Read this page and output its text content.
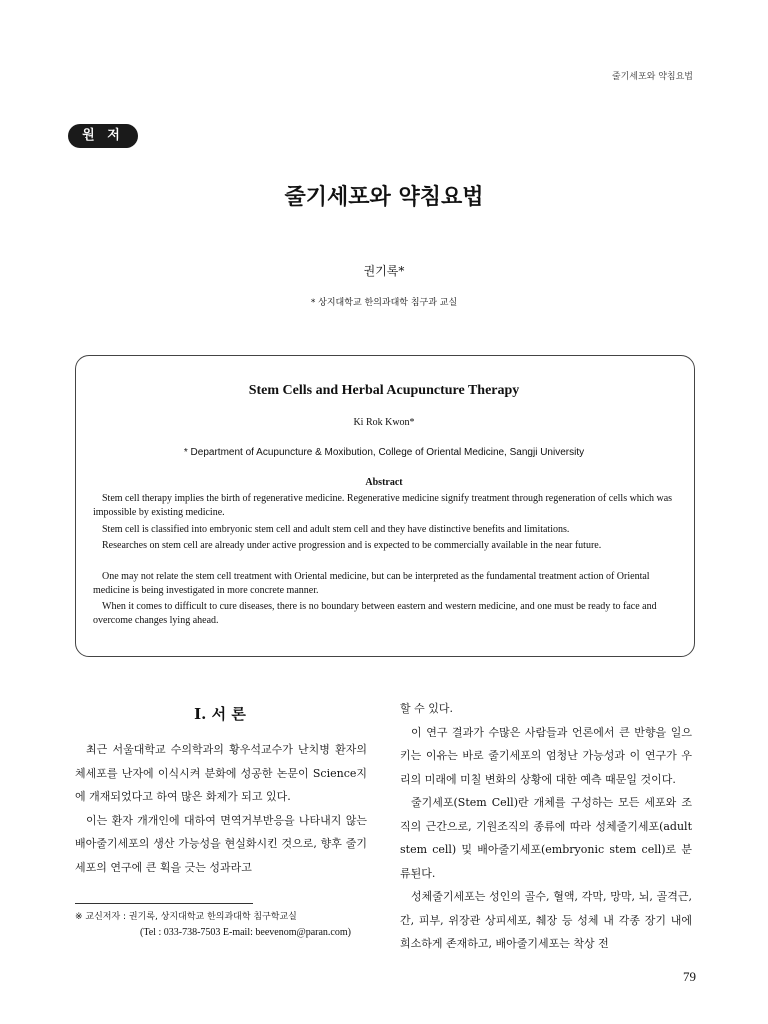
줄기세포와 약침요법
원 저
줄기세포와 약침요법
권기록*
* 상지대학교 한의과대학 침구과 교실
Stem Cells and Herbal Acupuncture Therapy
Ki Rok Kwon*
* Department of Acupuncture & Moxibution, College of Oriental Medicine, Sangji University
Abstract

Stem cell therapy implies the birth of regenerative medicine. Regenerative medicine signify treatment through regeneration of cells which was impossible by existing medicine.

Stem cell is classified into embryonic stem cell and adult stem cell and they have distinctive benefits and limitations.

Researches on stem cell are already under active progression and is expected to be commercially available in the near future.

One may not relate the stem cell treatment with Oriental medicine, but can be interpreted as the fundamental treatment action of Oriental medicine is being investigated in more concrete manner.

When it comes to difficult to cure diseases, there is no boundary between eastern and western medicine, and one must be ready to face and overcome changes lying ahead.

Ⅰ. 서 론

최근 서울대학교 수의학과의 황우석교수가 난치병 환자의 체세포를 난자에 이식시켜 분화에 성공한 논문이 Science지에 개재되었다고 하여 많은 화제가 되고 있다.

이는 환자 개개인에 대하여 면역거부반응을 나타내지 않는 배아줄기세포의 생산 가능성을 현실화시킨 것으로, 향후 줄기세포의 연구에 큰 획을 긋는 성과라고

할 수 있다.

이 연구 결과가 수많은 사람들과 언론에서 큰 반향을 일으키는 이유는 바로 줄기세포의 엄청난 가능성과 이 연구가 우리의 미래에 미칠 변화의 상황에 대한 예측 때문일 것이다.

줄기세포(Stem Cell)란 개체를 구성하는 모든 세포와 조직의 근간으로, 기원조직의 종류에 따라 성체줄기세포(adult stem cell) 및 배아줄기세포(embryonic stem cell)로 분류된다.

성체줄기세포는 성인의 골수, 혈액, 각막, 망막, 뇌, 골격근, 간, 피부, 위장관 상피세포, 췌장 등 성체 내 각종 장기 내에 희소하게 존재하고, 배아줄기세포는 착상 전

※ 교신저자 : 권기록, 상지대학교 한의과대학 침구학교실
(Tel : 033-738-7503 E-mail: beevenom@paran.com)
79
